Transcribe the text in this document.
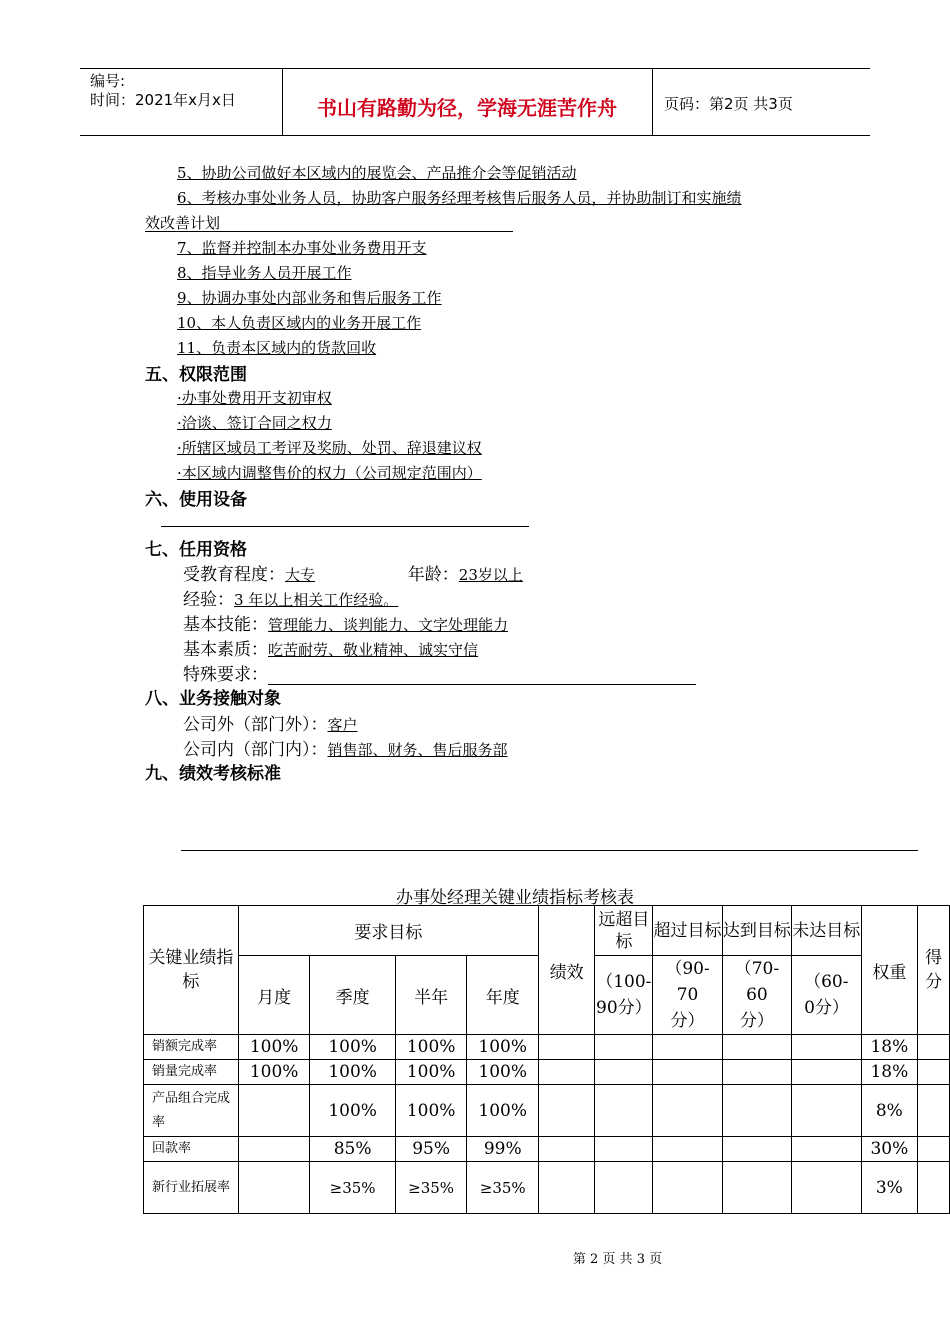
编号:
时间：2021年x月x日	书山有路勤为径，学海无涯苦作舟	页码：第2页 共3页
5、协助公司做好本区域内的展览会、产品推介会等促销活动
6、考核办事处业务人员，协助客户服务经理考核售后服务人员，并协助制订和实施绩
效改善计划
7、监督并控制本办事处业务费用开支
8、指导业务人员开展工作
9、协调办事处内部业务和售后服务工作
10、本人负责区域内的业务开展工作
11、负责本区域内的货款回收
五、权限范围
·办事处费用开支初审权
·洽谈、签订合同之权力
·所辖区域员工考评及奖励、处罚、辞退建议权
·本区域内调整售价的权力（公司规定范围内）
六、使用设备
七、任用资格
受教育程度：大专	年龄：23岁以上
经验：3 年以上相关工作经验。
基本技能：管理能力、谈判能力、文字处理能力
基本素质：吃苦耐劳、敬业精神、诚实守信
特殊要求：
八、业务接触对象
公司外（部门外）：客户
公司内（部门内）：销售部、财务、售后服务部
九、绩效考核标准
办事处经理关键业绩指标考核表
关键业绩指标	要求目标				绩效	远超目标	超过目标	达到目标	未达目标	权重	得分
	月度	季度	半年	年度		（100-90分）	（90-70分）	（70-60分）	（60-0分）		
销额完成率	100%	100%	100%	100%						18%	
销量完成率	100%	100%	100%	100%						18%	
产品组合完成率		100%	100%	100%						8%	
回款率		85%	95%	99%						30%	
新行业拓展率		≥35%	≥35%	≥35%						3%	
第 2 页 共 3 页
